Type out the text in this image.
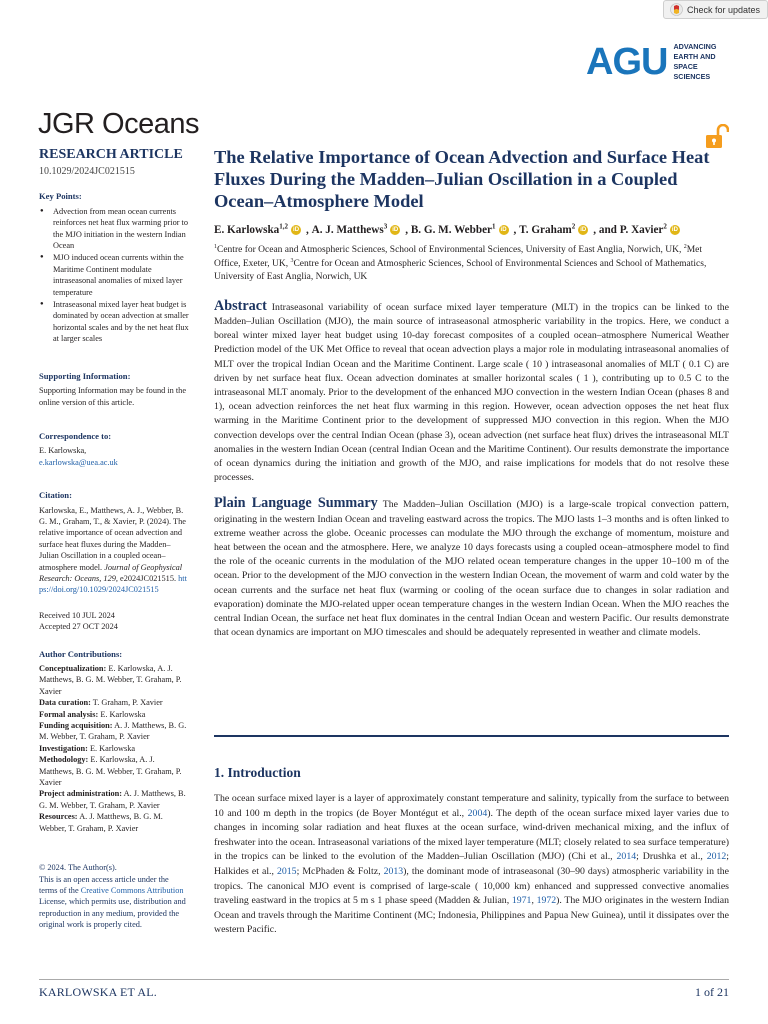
Check for updates
AGU ADVANCING
EARTH AND
SPACE SCIENCES
JGR Oceans
RESEARCH ARTICLE
10.1029/2024JC021515
Key Points:
● Advection from mean ocean currents reinforces net heat flux warming prior to the MJO initiation in the western Indian Ocean
● MJO induced ocean currents within the Maritime Continent modulate intraseasonal anomalies of mixed layer temperature
● Intraseasonal mixed layer heat budget is dominated by ocean advection at smaller horizontal scales and by the net heat flux at larger scales
Supporting Information:
Supporting Information may be found in the online version of this article.
Correspondence to:
E. Karlowska,
e.karlowska@uea.ac.uk
Citation:
Karlowska, E., Matthews, A. J., Webber, B. G. M., Graham, T., & Xavier, P. (2024). The relative importance of ocean advection and surface heat fluxes during the Madden–Julian Oscillation in a coupled ocean–atmosphere model. Journal of Geophysical Research: Oceans, 129, e2024JC021515. https://doi.org/10.1029/2024JC021515
Received 10 JUL 2024
Accepted 27 OCT 2024
Author Contributions:

Conceptualization: E. Karlowska, A. J. Matthews, B. G. M. Webber, T. Graham, P. Xavier

Data curation: T. Graham, P. Xavier

Formal analysis: E. Karlowska

Funding acquisition: A. J. Matthews, B. G. M. Webber, T. Graham, P. Xavier

Investigation: E. Karlowska

Methodology: E. Karlowska, A. J. Matthews, B. G. M. Webber, T. Graham, P. Xavier

Project administration: A. J. Matthews, B. G. M. Webber, T. Graham, P. Xavier

Resources: A. J. Matthews, B. G. M. Webber, T. Graham, P. Xavier

© 2024. The Author(s).
This is an open access article under the terms of the Creative Commons Attribution License, which permits use, distribution and reproduction in any medium, provided the original work is properly cited.
The Relative Importance of Ocean Advection and Surface Heat Fluxes During the Madden–Julian Oscillation in a Coupled Ocean–Atmosphere Model
E. Karlowska$^{1,2}$ iD ,
A. J. Matthews$^3$ iD ,
B. G. M. Webber$^1$ iD ,
T. Graham$^2$ iD , and
P. Xavier$^2$ iD
$^1$Centre for Ocean and Atmospheric Sciences, School of Environmental Sciences, University of East Anglia, Norwich, UK, $^2$Met Office, Exeter, UK, $^3$Centre for Ocean and Atmospheric Sciences, School of Environmental Sciences and School of Mathematics, University of East Anglia, Norwich, UK
Abstract Intraseasonal variability of ocean surface mixed layer temperature (MLT) in the tropics can be linked to the Madden–Julian Oscillation (MJO), the main source of intraseasonal atmospheric variability in the tropics. Here, we conduct a boreal winter mixed layer heat budget using 10-day forecast composites of a coupled ocean–atmosphere Numerical Weather Prediction model of the UK Met Office to reveal that ocean advection plays a major role in modulating intraseasonal anomalies of MLT over the tropical Indian Ocean and the Maritime Continent. Large scale ( 10 ) intraseasonal anomalies of MLT ( 0.1 C) are driven by net surface heat flux. Ocean advection dominates at smaller horizontal scales ( 1 ), contributing up to 0.5 C to the intraseasonal MLT anomaly. Prior to the development of the enhanced MJO convection in the western Indian Ocean (phases 8 and 1), ocean advection reinforces the net heat flux warming in this region. However, ocean advection opposes the net heat flux warming in the Maritime Continent prior to the development of suppressed MJO convection in this region. When the MJO convection develops over the central Indian Ocean (phase 3), ocean advection (net surface heat flux) drives the intraseasonal MLT anomalies in the western Indian Ocean (central Indian Ocean and the Maritime Continent). Our results demonstrate the importance of ocean dynamics during the initiation and growth of the MJO, and raise implications for models that do not resolve these processes.
Plain Language Summary The Madden–Julian Oscillation (MJO) is a large-scale tropical convection pattern, originating in the western Indian Ocean and traveling eastward across the tropics. The MJO lasts 1–3 months and is often linked to extreme weather across the globe. Oceanic processes can modulate the MJO through the exchange of momentum, moisture and heat between the ocean and the atmosphere. Here, we analyze 10 days forecasts using a coupled ocean–atmosphere model to find the role of the oceanic currents in the modulation of the MJO related ocean temperature changes in the upper 10–100 m of the ocean. Prior to the development of the MJO convection in the western Indian Ocean, the movement of warm and cold water by the ocean currents and the surface net heat flux (warming or cooling of the ocean surface due to changes in solar radiation and evaporation) dominate the MJO-related upper ocean temperature changes in the western Indian Ocean. When the MJO reaches the central Indian Ocean, the surface net heat flux dominates in the central Indian Ocean and western Pacific. Our results demonstrate that ocean dynamics are important on MJO timescales and should be adequately represented in weather and climate models.
1. Introduction
The ocean surface mixed layer is a layer of approximately constant temperature and salinity, typically from the surface to between 10 and 100 m depth in the tropics (de Boyer Montégut et al., 2004). The depth of the ocean surface mixed layer varies due to changes in incoming solar radiation and heat fluxes at the ocean surface, wind-driven mechanical mixing, and the influx of freshwater into the ocean. Intraseasonal variations of the mixed layer temperature (MLT; closely related to sea surface temperature) in the tropics can be linked to the evolution of the Madden–Julian Oscillation (MJO) (Chi et al., 2014; Drushka et al., 2012; Halkides et al., 2015; McPhaden & Foltz, 2013), the dominant mode of intraseasonal (30–90 days) atmospheric variability in the tropics. The canonical MJO event is comprised of large-scale ( 10,000 km) enhanced and suppressed convective anomalies traveling eastward in the tropics at 5 m s 1 phase speed (Madden & Julian, 1971, 1972). The MJO originates in the western Indian Ocean and travels through the Maritime Continent (MC; Indonesia, Philippines and Papua New Guinea), until it dissipates over the western Pacific.
KARLOWSKA ET AL.	1 of 21
